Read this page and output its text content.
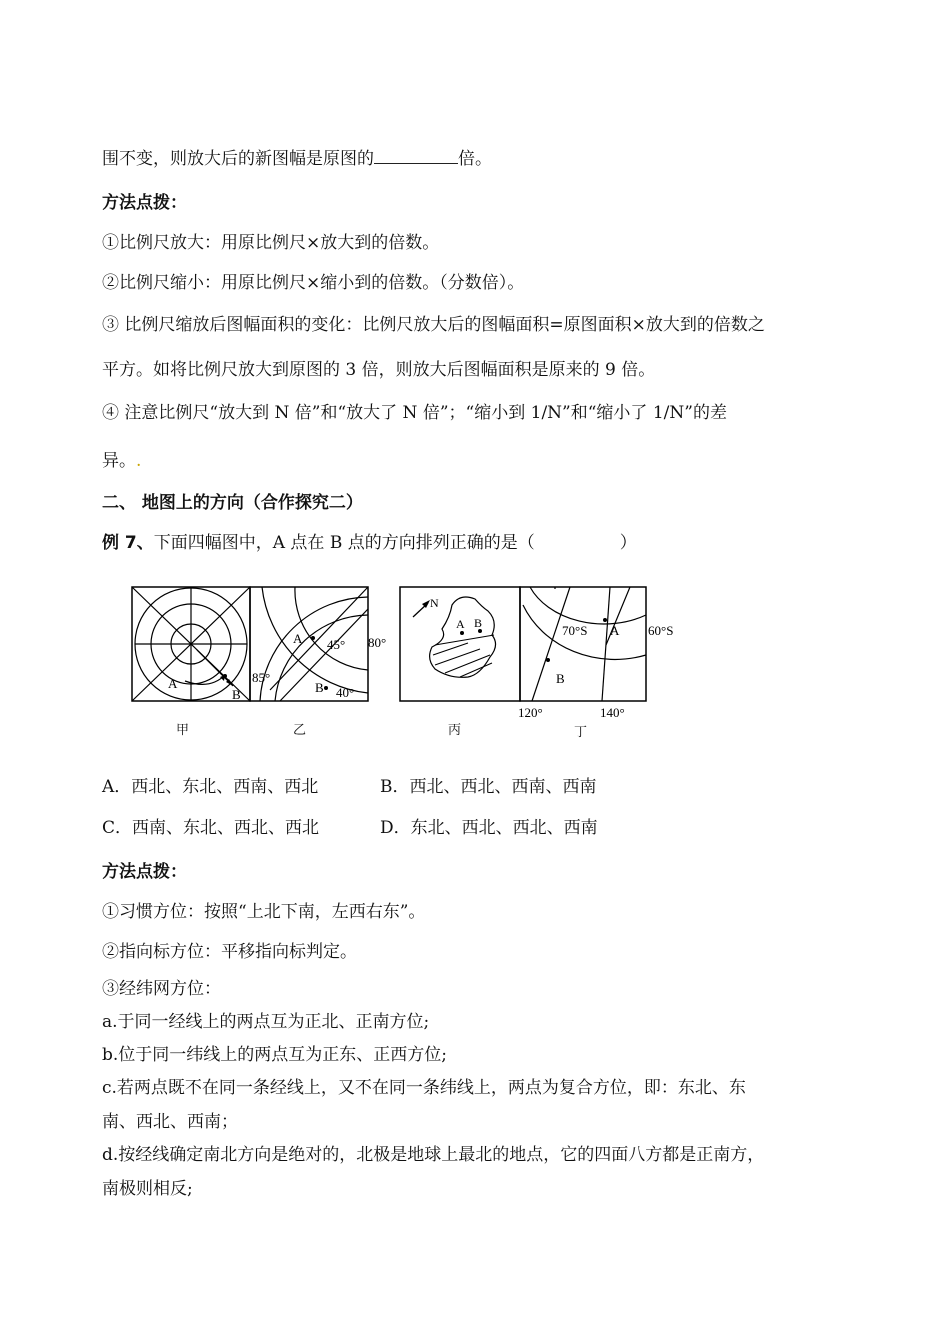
围不变，则放大后的新图幅是原图的	倍。
方法点拨：
①比例尺放大：用原比例尺×放大到的倍数。
②比例尺缩小：用原比例尺×缩小到的倍数。（分数倍）。
③ 比例尺缩放后图幅面积的变化：比例尺放大后的图幅面积=原图面积×放大到的倍数之
平方。如将比例尺放大到原图的 3 倍，则放大后图幅面积是原来的 9 倍。
④ 注意比例尺“放大到 N 倍”和“放大了 N 倍”；“缩小到 1/N”和“缩小了 1/N”的差
异。.
二、 地图上的方向（合作探究二）
例 7、下面四幅图中，A 点在 B 点的方向排列正确的是（　　　　　）
A
B
A 45° 80°
85°
B 40°
N
A B	70°S A 60°S
B
120°	140°
甲	乙	丙	丁
A．西北、东北、西南、西北	B．西北、西北、西南、西南
C．西南、东北、西北、西北	D．东北、西北、西北、西南
方法点拨：
①习惯方位：按照“上北下南，左西右东”。
②指向标方位：平移指向标判定。
③经纬网方位：
a.于同一经线上的两点互为正北、正南方位;
b.位于同一纬线上的两点互为正东、正西方位;
c.若两点既不在同一条经线上，又不在同一条纬线上，两点为复合方位，即：东北、东
南、西北、西南；
d.按经线确定南北方向是绝对的，北极是地球上最北的地点，它的四面八方都是正南方，
南极则相反;
